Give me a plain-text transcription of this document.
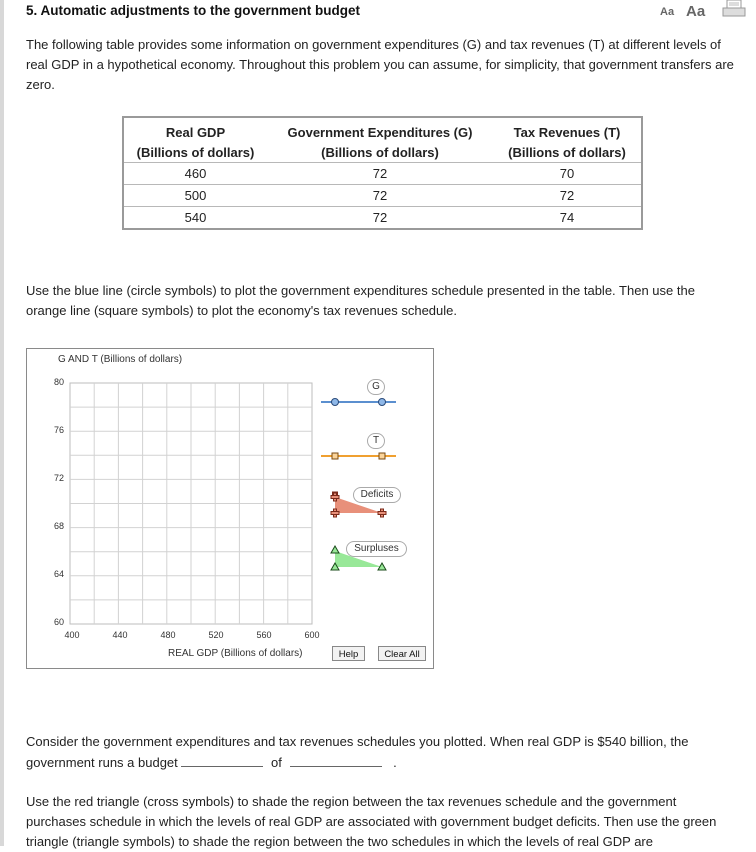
5. Automatic adjustments to the government budget	Aa Aa
The following table provides some information on government expenditures (G) and tax revenues (T) at different levels of real GDP in a hypothetical economy. Throughout this problem you can assume, for simplicity, that government transfers are zero.
Real GDP	Government Expenditures (G)	Tax Revenues (T)
(Billions of dollars)	(Billions of dollars)	(Billions of dollars)
460	72	70
500	72	72
540	72	74
Use the blue line (circle symbols) to plot the government expenditures schedule presented in the table. Then use the orange line (square symbols) to plot the economy's tax revenues schedule.
G AND T (Billions of dollars)
80
76
72
68
64
60
400	440	480	520	560	600
REAL GDP (Billions of dollars)
G
T
Deficits
Surpluses
Help	Clear All
Consider the government expenditures and tax revenues schedules you plotted. When real GDP is $540 billion, the government runs a budget	of	.
Use the red triangle (cross symbols) to shade the region between the tax revenues schedule and the government purchases schedule in which the levels of real GDP are associated with government budget deficits. Then use the green triangle (triangle symbols) to shade the region between the two schedules in which the levels of real GDP are
